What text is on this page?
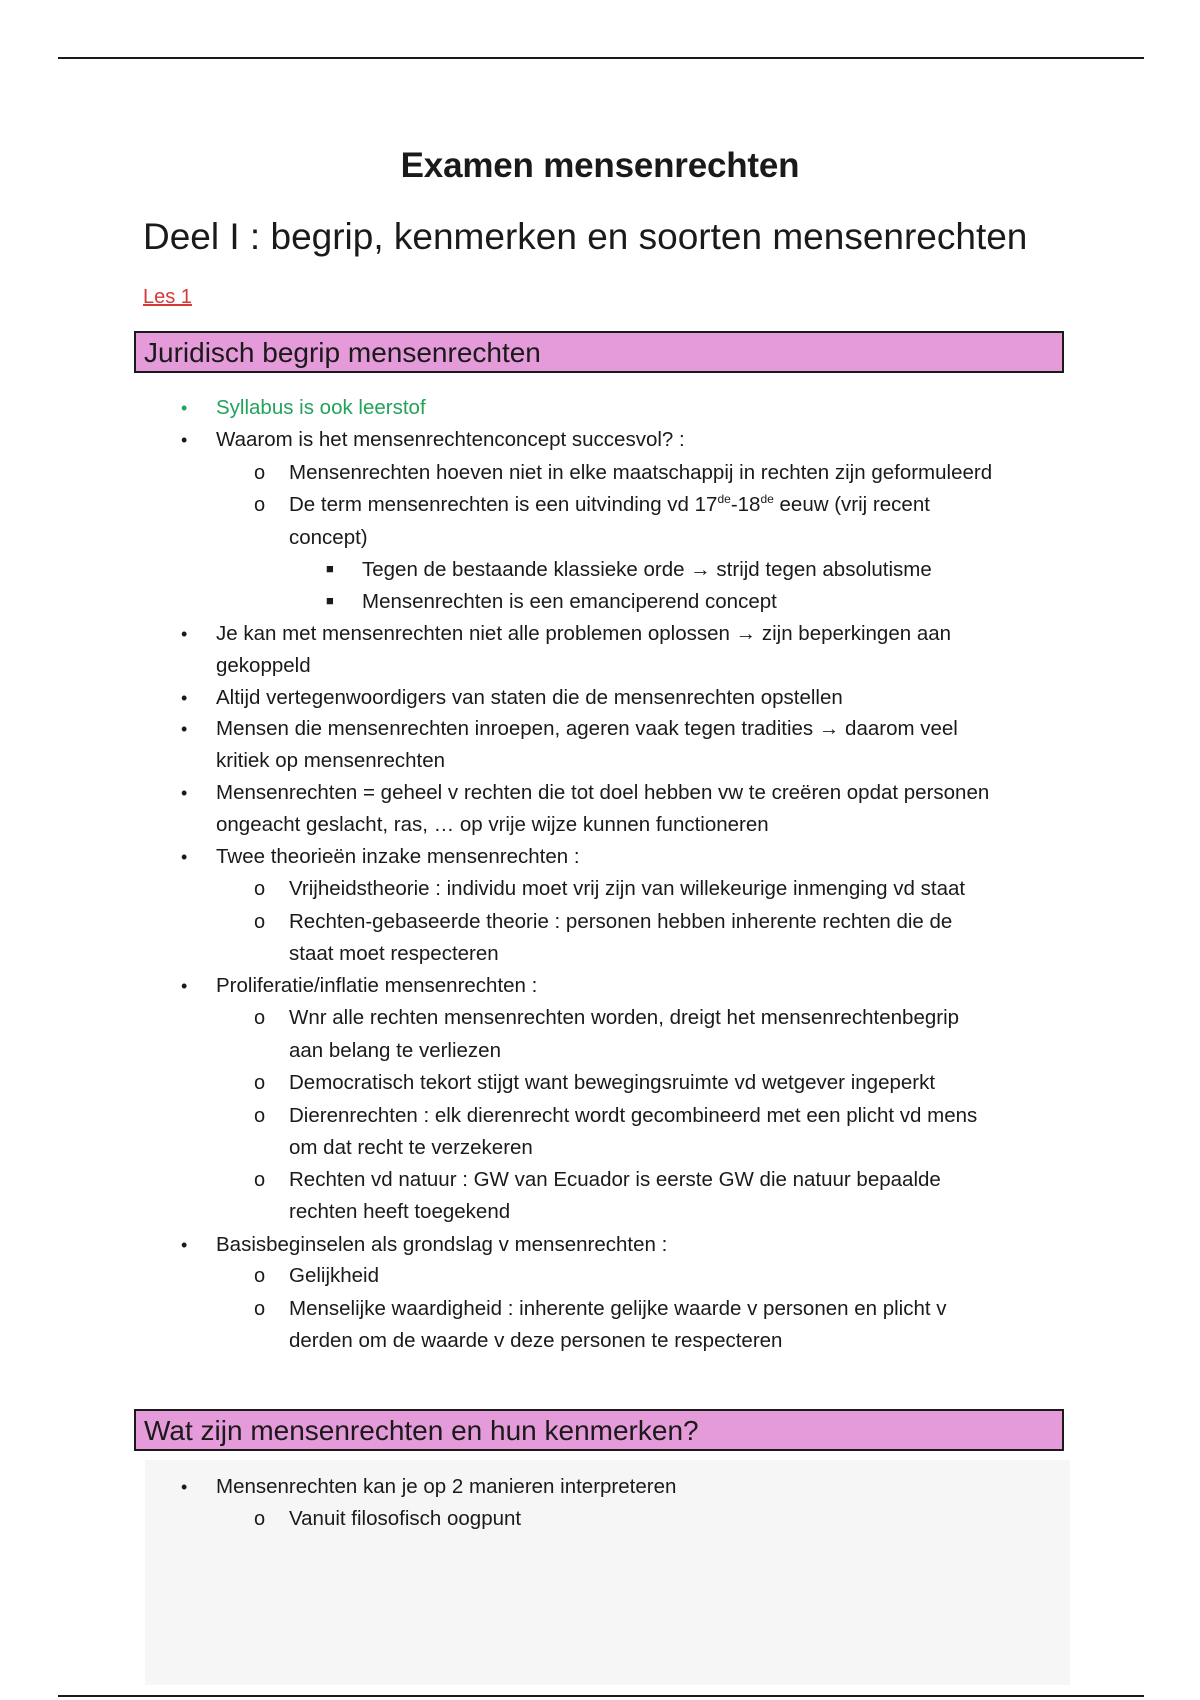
Examen mensenrechten
Deel I : begrip, kenmerken en soorten mensenrechten
Les 1
Juridisch begrip mensenrechten
• Syllabus is ook leerstof
• Waarom is het mensenrechtenconcept succesvol? :
o Mensenrechten hoeven niet in elke maatschappij in rechten zijn geformuleerd
o De term mensenrechten is een uitvinding vd 17de-18de eeuw (vrij recent
concept)
■ Tegen de bestaande klassieke orde → strijd tegen absolutisme
■ Mensenrechten is een emanciperend concept
• Je kan met mensenrechten niet alle problemen oplossen → zijn beperkingen aan
gekoppeld
• Altijd vertegenwoordigers van staten die de mensenrechten opstellen
• Mensen die mensenrechten inroepen, ageren vaak tegen tradities → daarom veel
kritiek op mensenrechten
• Mensenrechten = geheel v rechten die tot doel hebben vw te creëren opdat personen
ongeacht geslacht, ras, … op vrije wijze kunnen functioneren
• Twee theorieën inzake mensenrechten :
o Vrijheidstheorie : individu moet vrij zijn van willekeurige inmenging vd staat
o Rechten-gebaseerde theorie : personen hebben inherente rechten die de
staat moet respecteren
• Proliferatie/inflatie mensenrechten :
o Wnr alle rechten mensenrechten worden, dreigt het mensenrechtenbegrip
aan belang te verliezen
o Democratisch tekort stijgt want bewegingsruimte vd wetgever ingeperkt
o Dierenrechten : elk dierenrecht wordt gecombineerd met een plicht vd mens
om dat recht te verzekeren
o Rechten vd natuur : GW van Ecuador is eerste GW die natuur bepaalde
rechten heeft toegekend
• Basisbeginselen als grondslag v mensenrechten :
o Gelijkheid
o Menselijke waardigheid : inherente gelijke waarde v personen en plicht v
derden om de waarde v deze personen te respecteren
Wat zijn mensenrechten en hun kenmerken?
• Mensenrechten kan je op 2 manieren interpreteren
o Vanuit filosofisch oogpunt
